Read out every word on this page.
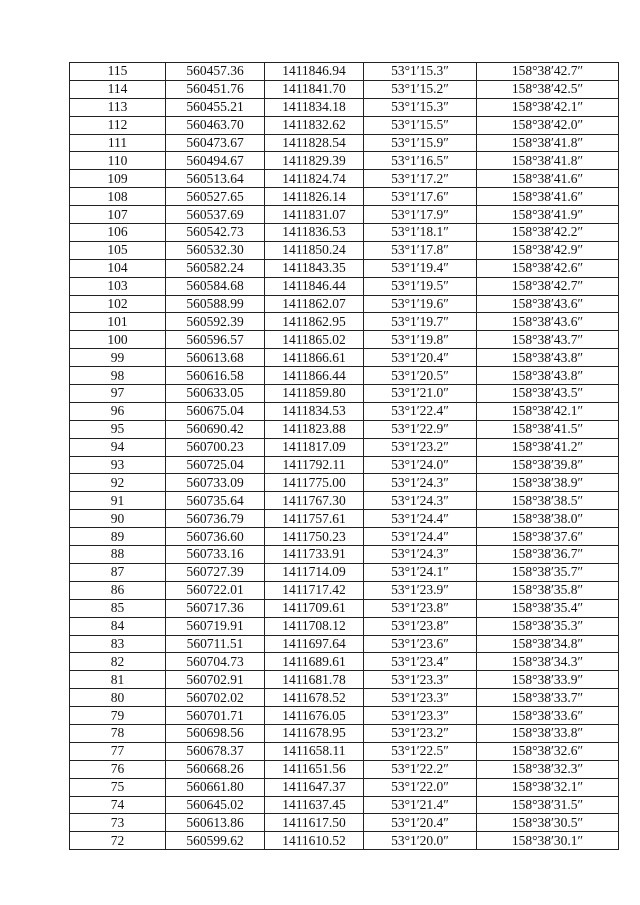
115	560457.36	1411846.94	53°1′15.3″	158°38′42.7″
114	560451.76	1411841.70	53°1′15.2″	158°38′42.5″
113	560455.21	1411834.18	53°1′15.3″	158°38′42.1″
112	560463.70	1411832.62	53°1′15.5″	158°38′42.0″
111	560473.67	1411828.54	53°1′15.9″	158°38′41.8″
110	560494.67	1411829.39	53°1′16.5″	158°38′41.8″
109	560513.64	1411824.74	53°1′17.2″	158°38′41.6″
108	560527.65	1411826.14	53°1′17.6″	158°38′41.6″
107	560537.69	1411831.07	53°1′17.9″	158°38′41.9″
106	560542.73	1411836.53	53°1′18.1″	158°38′42.2″
105	560532.30	1411850.24	53°1′17.8″	158°38′42.9″
104	560582.24	1411843.35	53°1′19.4″	158°38′42.6″
103	560584.68	1411846.44	53°1′19.5″	158°38′42.7″
102	560588.99	1411862.07	53°1′19.6″	158°38′43.6″
101	560592.39	1411862.95	53°1′19.7″	158°38′43.6″
100	560596.57	1411865.02	53°1′19.8″	158°38′43.7″
99	560613.68	1411866.61	53°1′20.4″	158°38′43.8″
98	560616.58	1411866.44	53°1′20.5″	158°38′43.8″
97	560633.05	1411859.80	53°1′21.0″	158°38′43.5″
96	560675.04	1411834.53	53°1′22.4″	158°38′42.1″
95	560690.42	1411823.88	53°1′22.9″	158°38′41.5″
94	560700.23	1411817.09	53°1′23.2″	158°38′41.2″
93	560725.04	1411792.11	53°1′24.0″	158°38′39.8″
92	560733.09	1411775.00	53°1′24.3″	158°38′38.9″
91	560735.64	1411767.30	53°1′24.3″	158°38′38.5″
90	560736.79	1411757.61	53°1′24.4″	158°38′38.0″
89	560736.60	1411750.23	53°1′24.4″	158°38′37.6″
88	560733.16	1411733.91	53°1′24.3″	158°38′36.7″
87	560727.39	1411714.09	53°1′24.1″	158°38′35.7″
86	560722.01	1411717.42	53°1′23.9″	158°38′35.8″
85	560717.36	1411709.61	53°1′23.8″	158°38′35.4″
84	560719.91	1411708.12	53°1′23.8″	158°38′35.3″
83	560711.51	1411697.64	53°1′23.6″	158°38′34.8″
82	560704.73	1411689.61	53°1′23.4″	158°38′34.3″
81	560702.91	1411681.78	53°1′23.3″	158°38′33.9″
80	560702.02	1411678.52	53°1′23.3″	158°38′33.7″
79	560701.71	1411676.05	53°1′23.3″	158°38′33.6″
78	560698.56	1411678.95	53°1′23.2″	158°38′33.8″
77	560678.37	1411658.11	53°1′22.5″	158°38′32.6″
76	560668.26	1411651.56	53°1′22.2″	158°38′32.3″
75	560661.80	1411647.37	53°1′22.0″	158°38′32.1″
74	560645.02	1411637.45	53°1′21.4″	158°38′31.5″
73	560613.86	1411617.50	53°1′20.4″	158°38′30.5″
72	560599.62	1411610.52	53°1′20.0″	158°38′30.1″
